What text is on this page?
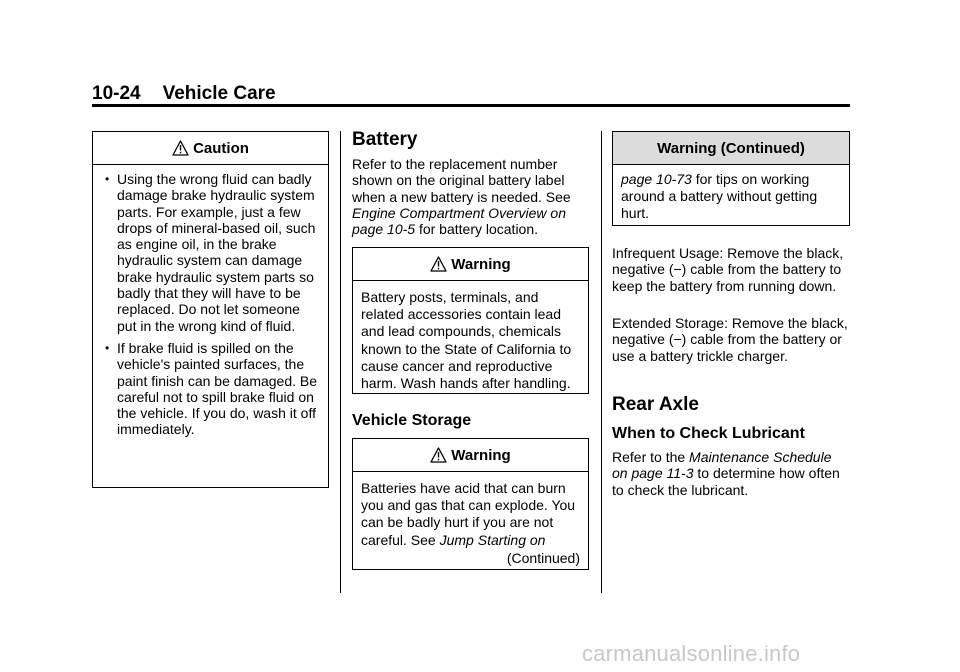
10-24 Vehicle Care
Caution
• Using the wrong fluid can badly damage brake hydraulic system parts. For example, just a few drops of mineral-based oil, such as engine oil, in the brake hydraulic system can damage brake hydraulic system parts so badly that they will have to be replaced. Do not let someone put in the wrong kind of fluid.
• If brake fluid is spilled on the vehicle's painted surfaces, the paint finish can be damaged. Be careful not to spill brake fluid on the vehicle. If you do, wash it off immediately.
Battery
Refer to the replacement number shown on the original battery label when a new battery is needed. See Engine Compartment Overview on page 10-5 for battery location.
Warning
Battery posts, terminals, and related accessories contain lead and lead compounds, chemicals known to the State of California to cause cancer and reproductive harm. Wash hands after handling.
Vehicle Storage
Warning
Batteries have acid that can burn you and gas that can explode. You can be badly hurt if you are not careful. See Jump Starting on
(Continued)
Warning (Continued)
page 10-73 for tips on working around a battery without getting hurt.
Infrequent Usage: Remove the black, negative (−) cable from the battery to keep the battery from running down.
Extended Storage: Remove the black, negative (−) cable from the battery or use a battery trickle charger.
Rear Axle
When to Check Lubricant
Refer to the Maintenance Schedule on page 11-3 to determine how often to check the lubricant.
carmanualsonline.info
